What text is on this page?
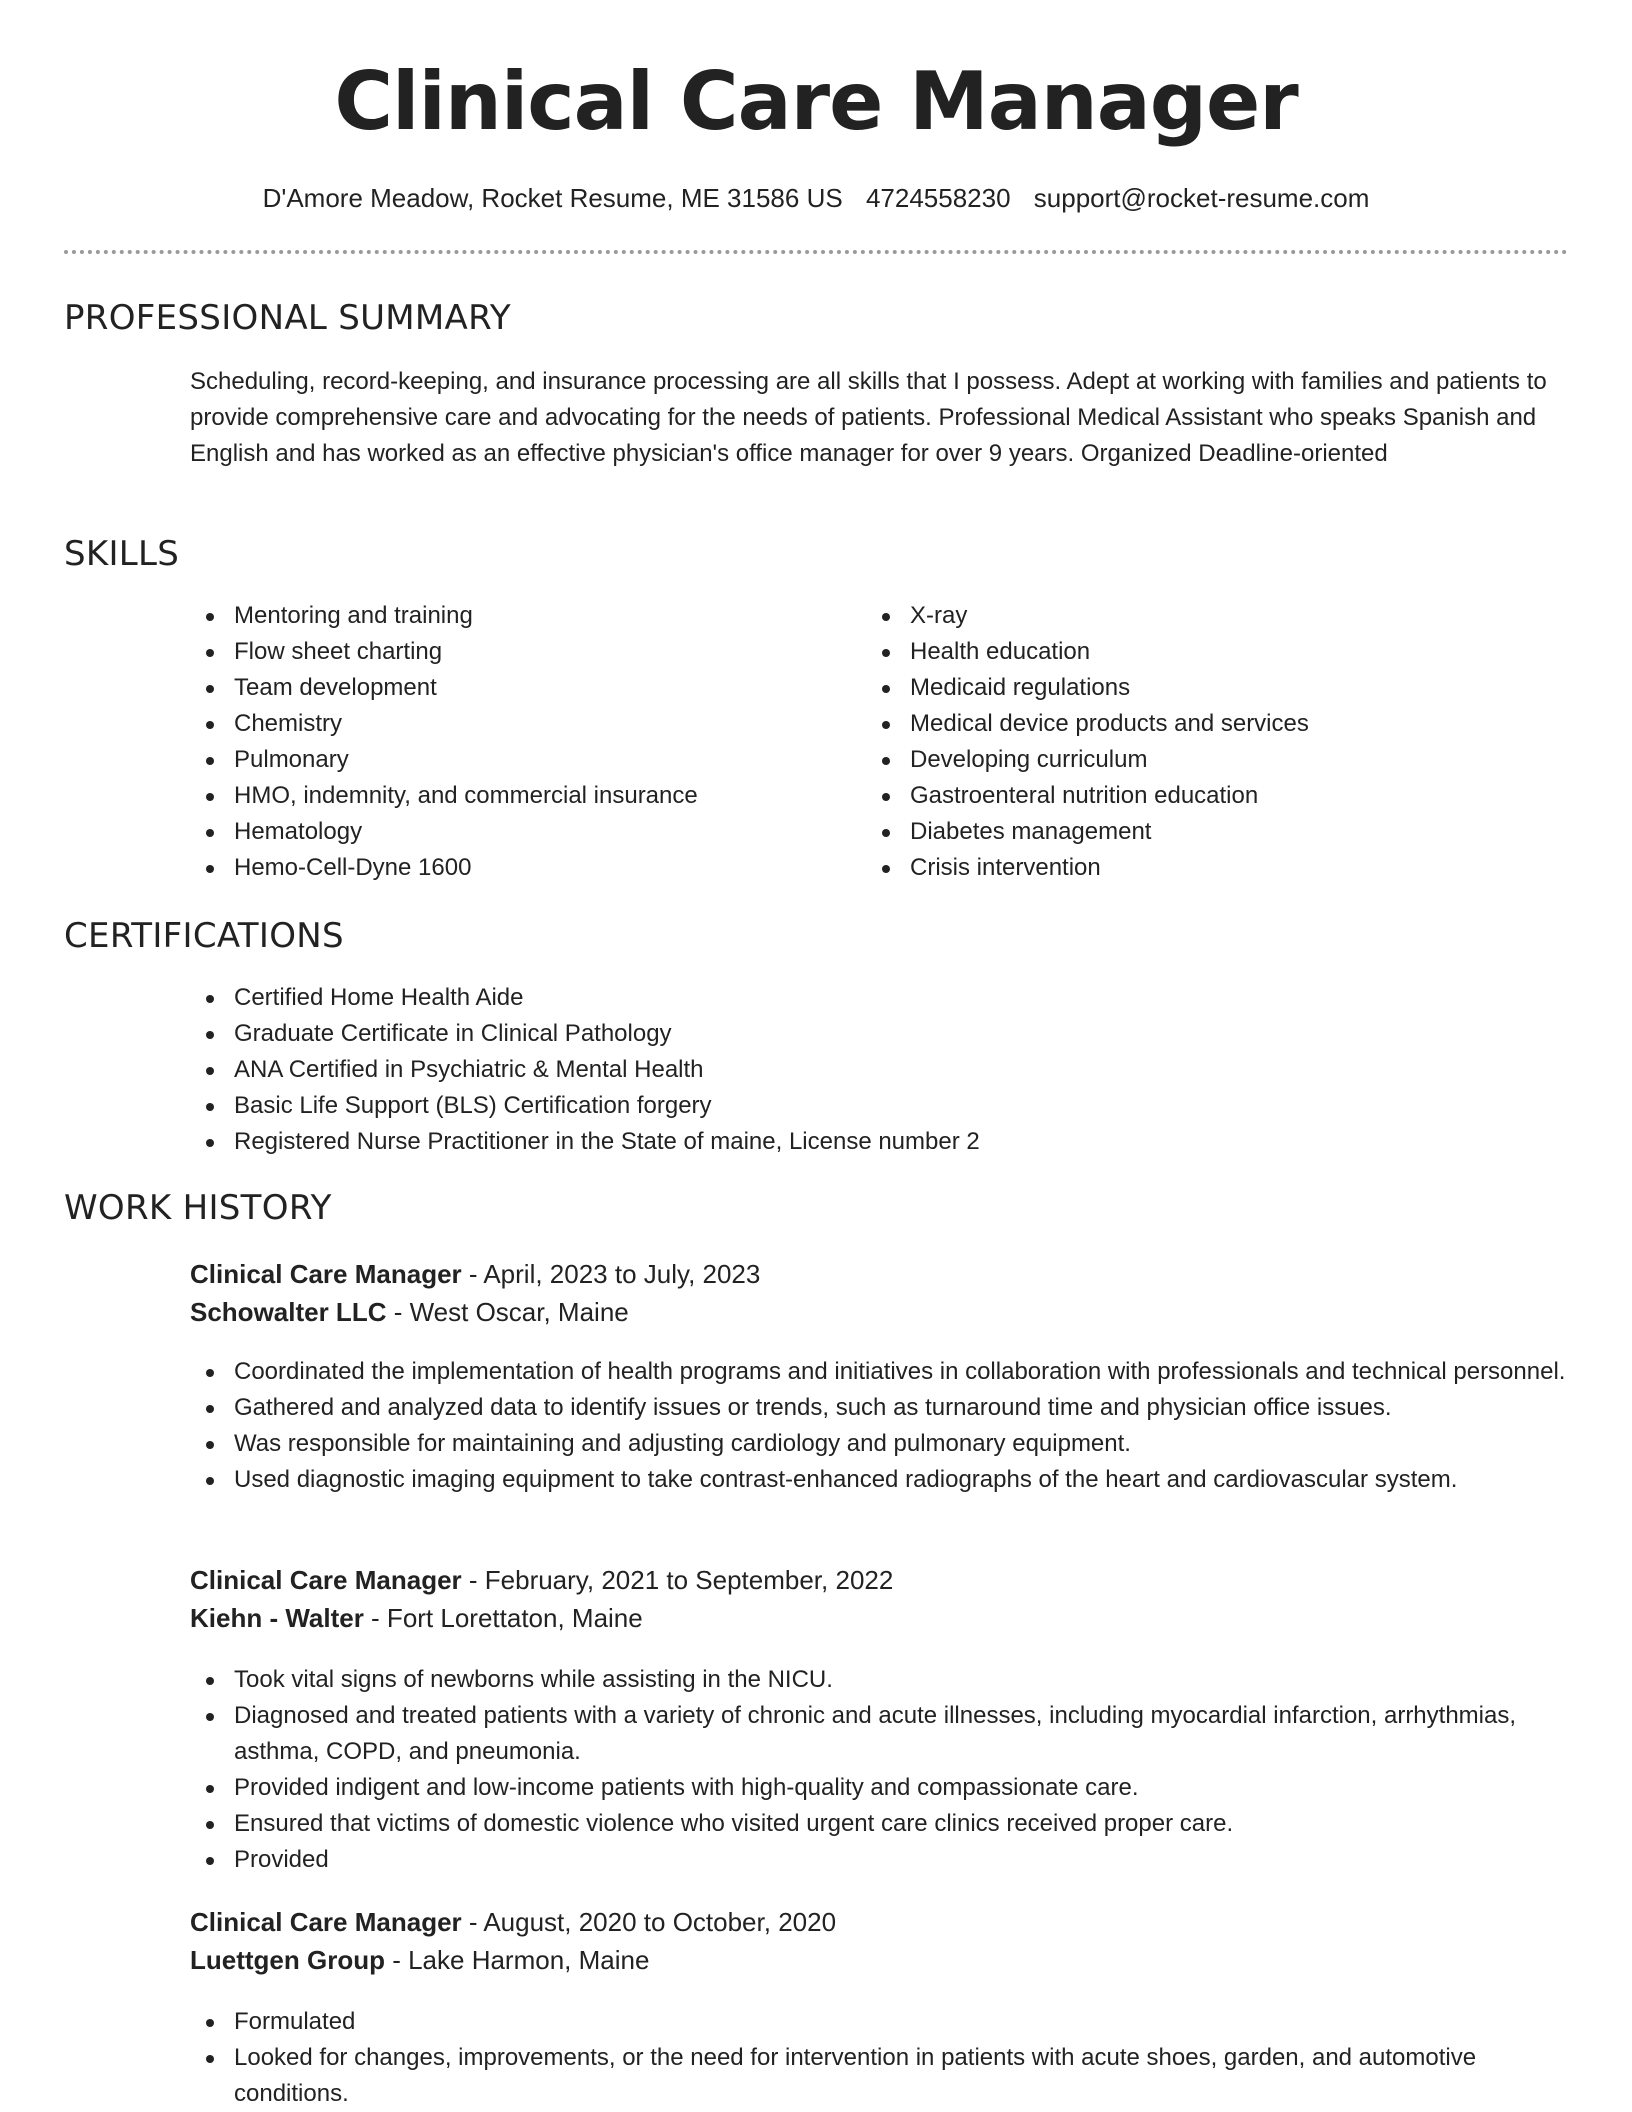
Clinical Care Manager
D'Amore Meadow, Rocket Resume, ME 31586 US 4724558230 support@rocket-resume.com
PROFESSIONAL SUMMARY
Scheduling, record-keeping, and insurance processing are all skills that I possess. Adept at working with families and patients to provide comprehensive care and advocating for the needs of patients. Professional Medical Assistant who speaks Spanish and English and has worked as an effective physician's office manager for over 9 years. Organized Deadline-oriented
SKILLS
Mentoring and training
Flow sheet charting
Team development
Chemistry
Pulmonary
HMO, indemnity, and commercial insurance
Hematology
Hemo-Cell-Dyne 1600
X-ray
Health education
Medicaid regulations
Medical device products and services
Developing curriculum
Gastroenteral nutrition education
Diabetes management
Crisis intervention
CERTIFICATIONS
Certified Home Health Aide
Graduate Certificate in Clinical Pathology
ANA Certified in Psychiatric & Mental Health
Basic Life Support (BLS) Certification forgery
Registered Nurse Practitioner in the State of maine, License number 2
WORK HISTORY
Clinical Care Manager - April, 2023 to July, 2023
Schowalter LLC - West Oscar, Maine
Coordinated the implementation of health programs and initiatives in collaboration with professionals and technical personnel.
Gathered and analyzed data to identify issues or trends, such as turnaround time and physician office issues.
Was responsible for maintaining and adjusting cardiology and pulmonary equipment.
Used diagnostic imaging equipment to take contrast-enhanced radiographs of the heart and cardiovascular system.
Clinical Care Manager - February, 2021 to September, 2022
Kiehn - Walter - Fort Lorettaton, Maine
Took vital signs of newborns while assisting in the NICU.
Diagnosed and treated patients with a variety of chronic and acute illnesses, including myocardial infarction, arrhythmias, asthma, COPD, and pneumonia.
Provided indigent and low-income patients with high-quality and compassionate care.
Ensured that victims of domestic violence who visited urgent care clinics received proper care.
Provided
Clinical Care Manager - August, 2020 to October, 2020
Luettgen Group - Lake Harmon, Maine
Formulated
Looked for changes, improvements, or the need for intervention in patients with acute shoes, garden, and automotive conditions.
